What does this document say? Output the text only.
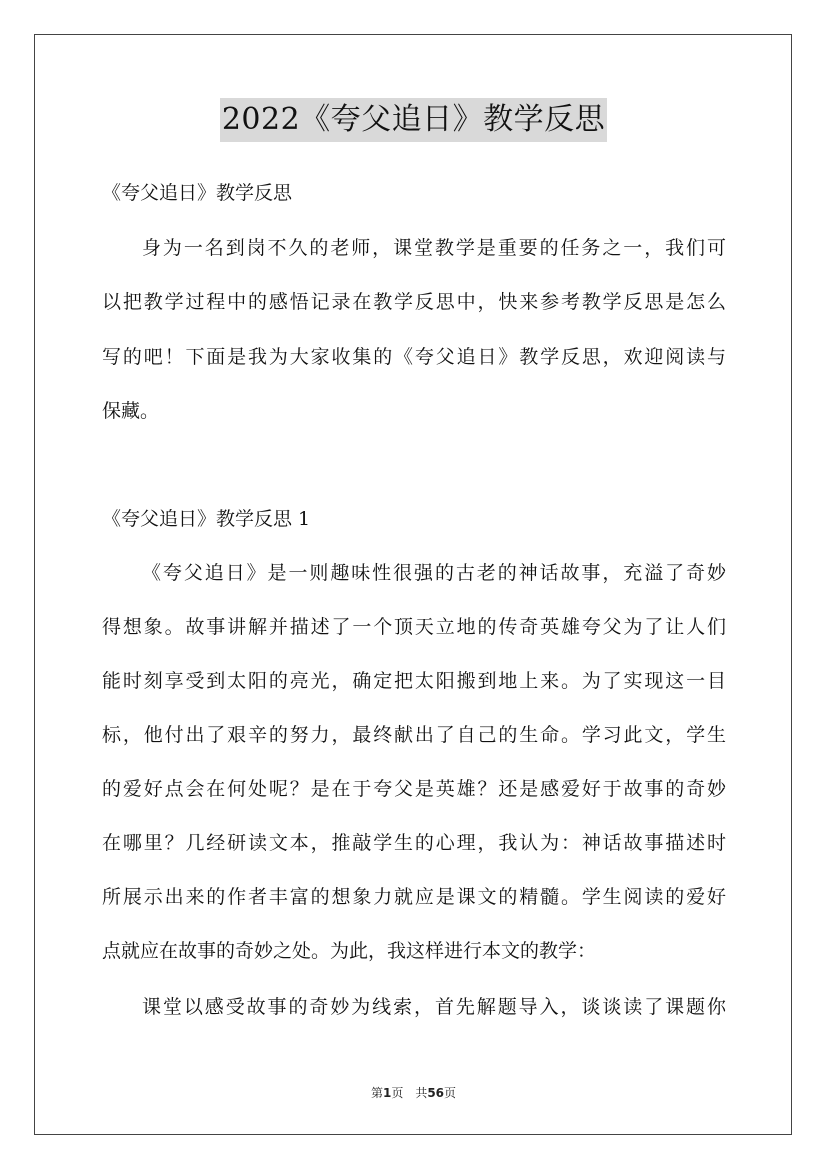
2022《夸父追日》教学反思
《夸父追日》教学反思
身为一名到岗不久的老师，课堂教学是重要的任务之一，我们可
以把教学过程中的感悟记录在教学反思中，快来参考教学反思是怎么
写的吧！下面是我为大家收集的《夸父追日》教学反思，欢迎阅读与
保藏。
《夸父追日》教学反思 1
《夸父追日》是一则趣味性很强的古老的神话故事，充溢了奇妙
得想象。故事讲解并描述了一个顶天立地的传奇英雄夸父为了让人们
能时刻享受到太阳的亮光，确定把太阳搬到地上来。为了实现这一目
标，他付出了艰辛的努力，最终献出了自己的生命。学习此文，学生
的爱好点会在何处呢？是在于夸父是英雄？还是感爱好于故事的奇妙
在哪里？几经研读文本，推敲学生的心理，我认为：神话故事描述时
所展示出来的作者丰富的想象力就应是课文的精髓。学生阅读的爱好
点就应在故事的奇妙之处。为此，我这样进行本文的教学：
课堂以感受故事的奇妙为线索，首先解题导入，谈谈读了课题你
第1页　共56页
